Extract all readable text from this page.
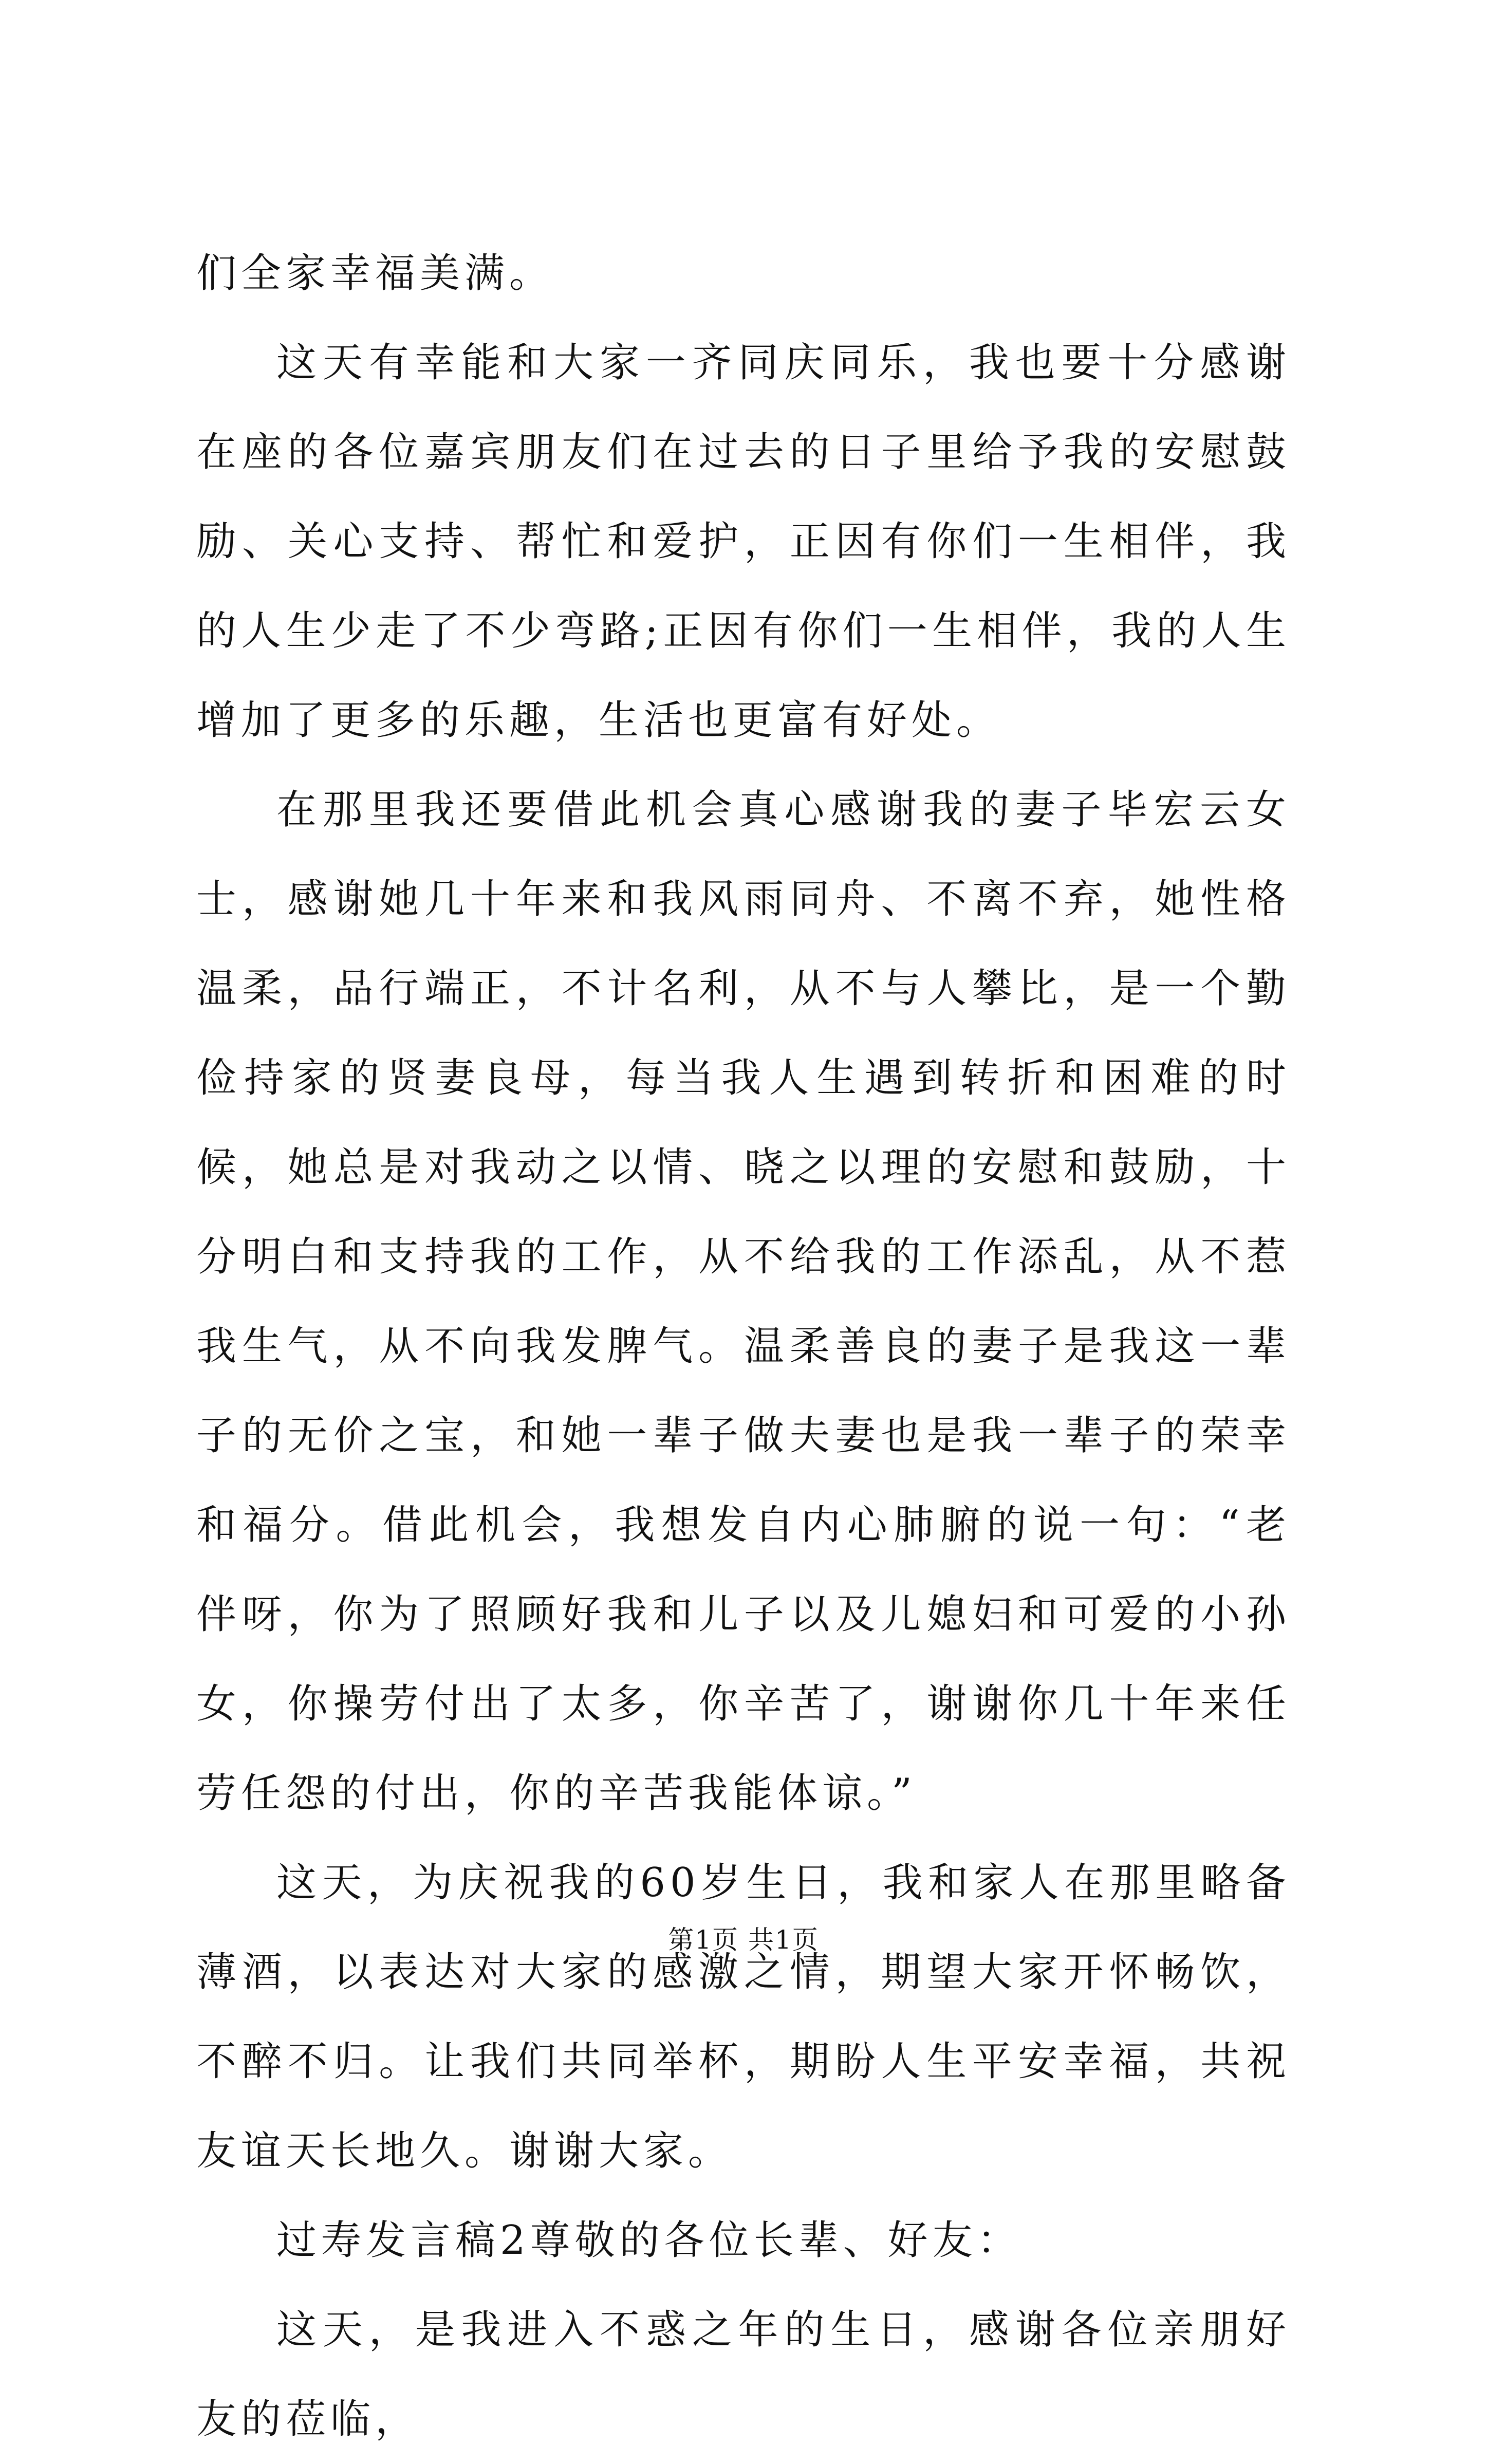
们全家幸福美满。

这天有幸能和大家一齐同庆同乐，我也要十分感谢在座的各位嘉宾朋友们在过去的日子里给予我的安慰鼓励、关心支持、帮忙和爱护，正因有你们一生相伴，我的人生少走了不少弯路;正因有你们一生相伴，我的人生增加了更多的乐趣，生活也更富有好处。

在那里我还要借此机会真心感谢我的妻子毕宏云女士，感谢她几十年来和我风雨同舟、不离不弃，她性格温柔，品行端正，不计名利，从不与人攀比，是一个勤俭持家的贤妻良母，每当我人生遇到转折和困难的时候，她总是对我动之以情、晓之以理的安慰和鼓励，十分明白和支持我的工作，从不给我的工作添乱，从不惹我生气，从不向我发脾气。温柔善良的妻子是我这一辈子的无价之宝，和她一辈子做夫妻也是我一辈子的荣幸和福分。借此机会，我想发自内心肺腑的说一句：“老伴呀，你为了照顾好我和儿子以及儿媳妇和可爱的小孙女，你操劳付出了太多，你辛苦了，谢谢你几十年来任劳任怨的付出，你的辛苦我能体谅。”

这天，为庆祝我的60岁生日，我和家人在那里略备薄酒，以表达对大家的感激之情，期望大家开怀畅饮，不醉不归。让我们共同举杯，期盼人生平安幸福，共祝友谊天长地久。谢谢大家。

过寿发言稿2尊敬的各位长辈、好友：

这天，是我进入不惑之年的生日，感谢各位亲朋好友的莅临，

第1页 共1页
